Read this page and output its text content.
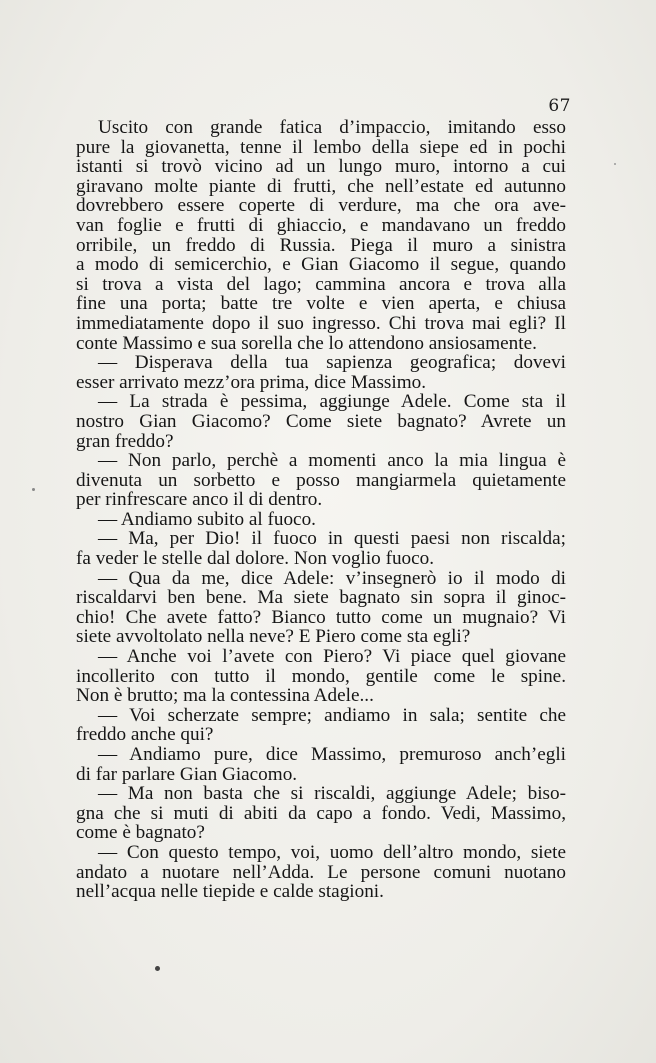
67
Uscito con grande fatica d’impaccio, imitando esso
pure la giovanetta, tenne il lembo della siepe ed in pochi
istanti si trovò vicino ad un lungo muro, intorno a cui
giravano molte piante di frutti, che nell’estate ed autunno
dovrebbero essere coperte di verdure, ma che ora ave-
van foglie e frutti di ghiaccio, e mandavano un freddo
orribile, un freddo di Russia. Piega il muro a sinistra
a modo di semicerchio, e Gian Giacomo il segue, quando
si trova a vista del lago; cammina ancora e trova alla
fine una porta; batte tre volte e vien aperta, e chiusa
immediatamente dopo il suo ingresso. Chi trova mai egli? Il
conte Massimo e sua sorella che lo attendono ansiosamente.
— Disperava della tua sapienza geografica; dovevi
esser arrivato mezz’ora prima, dice Massimo.
— La strada è pessima, aggiunge Adele. Come sta il
nostro Gian Giacomo? Come siete bagnato? Avrete un
gran freddo?
— Non parlo, perchè a momenti anco la mia lingua è
divenuta un sorbetto e posso mangiarmela quietamente
per rinfrescare anco il di dentro.
— Andiamo subito al fuoco.
— Ma, per Dio! il fuoco in questi paesi non riscalda;
fa veder le stelle dal dolore. Non voglio fuoco.
— Qua da me, dice Adele: v’insegnerò io il modo di
riscaldarvi ben bene. Ma siete bagnato sin sopra il ginoc-
chio! Che avete fatto? Bianco tutto come un mugnaio? Vi
siete avvoltolato nella neve? E Piero come sta egli?
— Anche voi l’avete con Piero? Vi piace quel giovane
incollerito con tutto il mondo, gentile come le spine.
Non è brutto; ma la contessina Adele...
— Voi scherzate sempre; andiamo in sala; sentite che
freddo anche qui?
— Andiamo pure, dice Massimo, premuroso anch’egli
di far parlare Gian Giacomo.
— Ma non basta che si riscaldi, aggiunge Adele; biso-
gna che si muti di abiti da capo a fondo. Vedi, Massimo,
come è bagnato?
— Con questo tempo, voi, uomo dell’altro mondo, siete
andato a nuotare nell’Adda. Le persone comuni nuotano
nell’acqua nelle tiepide e calde stagioni.
